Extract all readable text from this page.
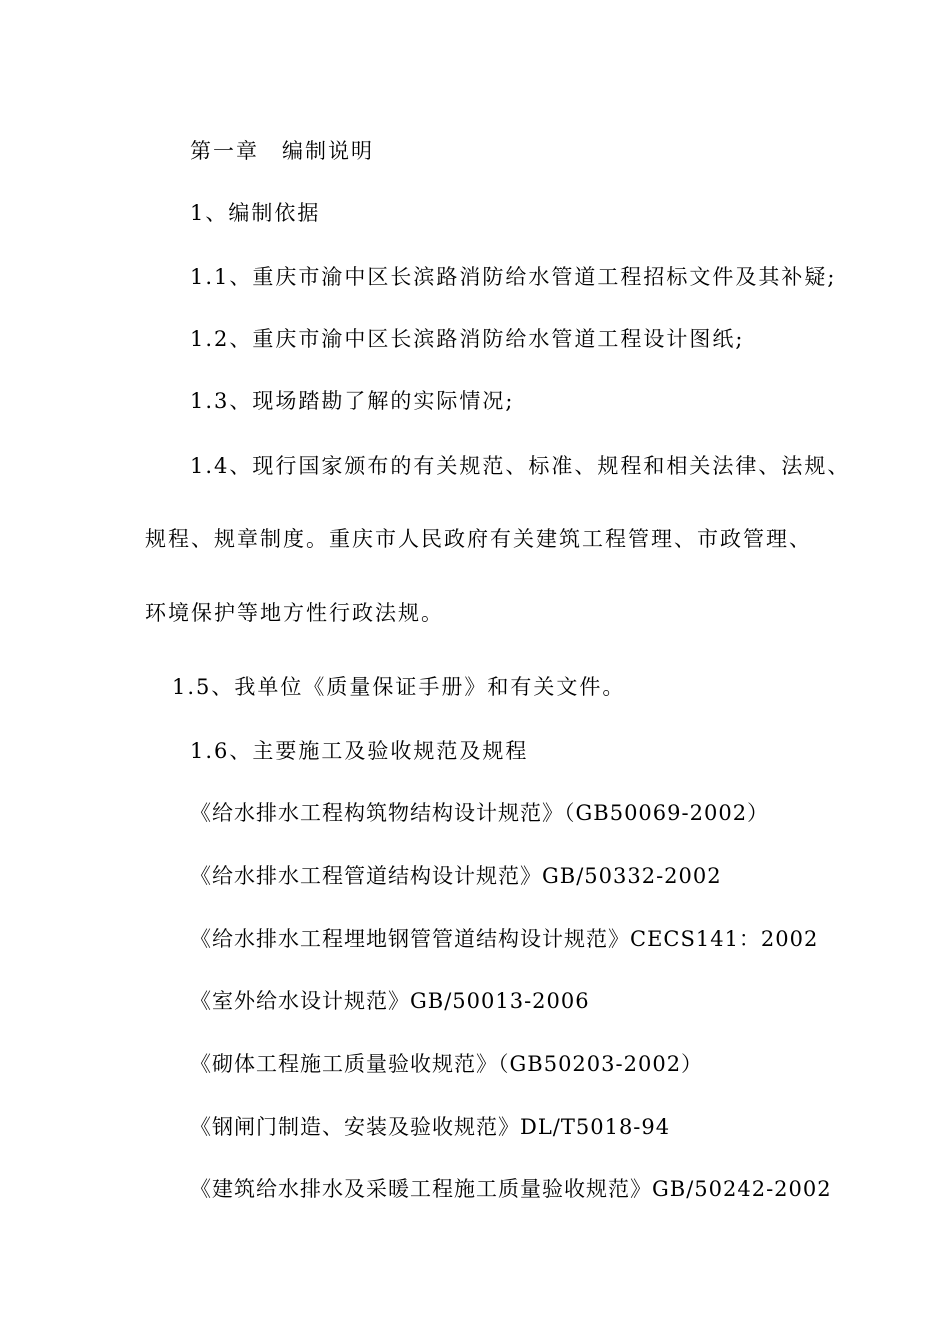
第一章　编制说明
1、编制依据
1.1、重庆市渝中区长滨路消防给水管道工程招标文件及其补疑;
1.2、重庆市渝中区长滨路消防给水管道工程设计图纸;
1.3、现场踏勘了解的实际情况;
1.4、现行国家颁布的有关规范、标准、规程和相关法律、法规、
规程、规章制度。重庆市人民政府有关建筑工程管理、市政管理、
环境保护等地方性行政法规。
1.5、我单位《质量保证手册》和有关文件。
1.6、主要施工及验收规范及规程
《给水排水工程构筑物结构设计规范》（GB50069-2002）
《给水排水工程管道结构设计规范》GB/50332-2002
《给水排水工程埋地钢管管道结构设计规范》CECS141：2002
《室外给水设计规范》GB/50013-2006
《砌体工程施工质量验收规范》（GB50203-2002）
《钢闸门制造、安装及验收规范》DL/T5018-94
《建筑给水排水及采暖工程施工质量验收规范》GB/50242-2002
